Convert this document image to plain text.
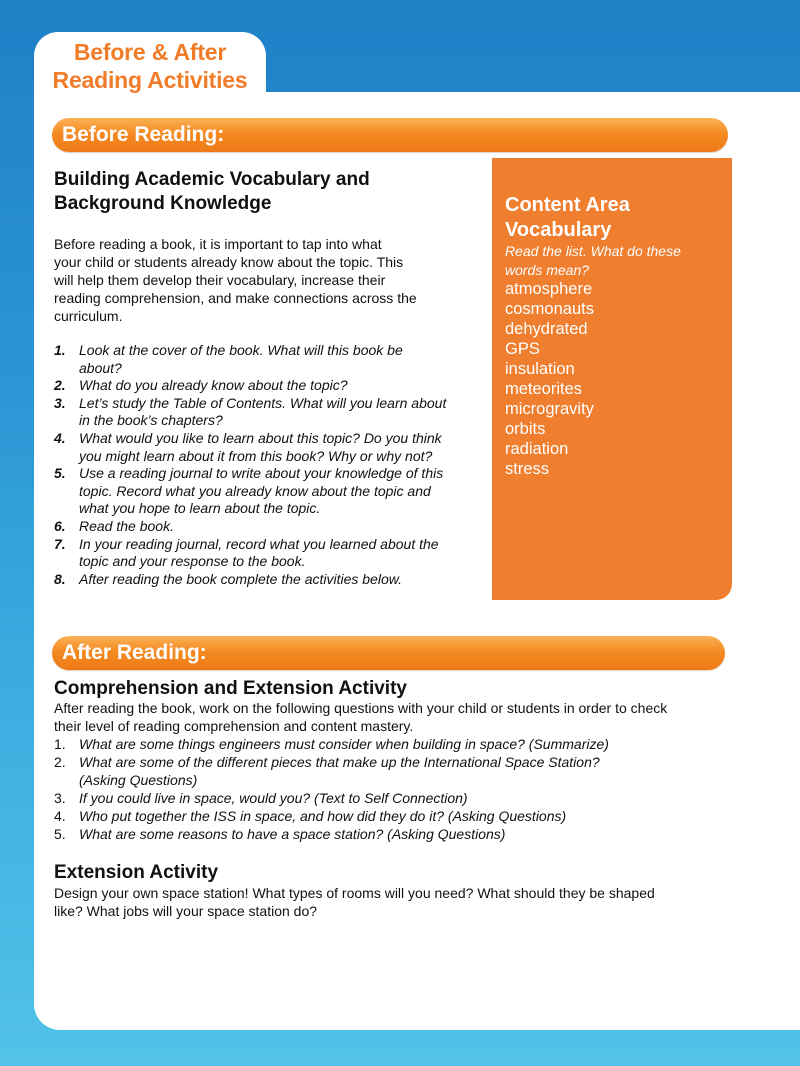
Before & After
Reading Activities
Before Reading:
Building Academic Vocabulary and
Background Knowledge

Before reading a book, it is important to tap into what
your child or students already know about the topic. This
will help them develop their vocabulary, increase their
reading comprehension, and make connections across the
curriculum.

1. Look at the cover of the book. What will this book be
about?
2. What do you already know about the topic?
3. Let’s study the Table of Contents. What will you learn about
in the book’s chapters?
4. What would you like to learn about this topic? Do you think
you might learn about it from this book? Why or why not?
5. Use a reading journal to write about your knowledge of this
topic. Record what you already know about the topic and
what you hope to learn about the topic.
6. Read the book.
7. In your reading journal, record what you learned about the
topic and your response to the book.
8. After reading the book complete the activities below.
Content Area
Vocabulary

Read the list. What do these
words mean?

atmosphere
cosmonauts
dehydrated
GPS
insulation
meteorites
microgravity
orbits
radiation
stress
After Reading:
Comprehension and Extension Activity

After reading the book, work on the following questions with your child or students in order to check
their level of reading comprehension and content mastery.

1. What are some things engineers must consider when building in space? (Summarize)
2. What are some of the different pieces that make up the International Space Station?
(Asking Questions)
3. If you could live in space, would you? (Text to Self Connection)
4. Who put together the ISS in space, and how did they do it? (Asking Questions)
5. What are some reasons to have a space station? (Asking Questions)
Extension Activity

Design your own space station! What types of rooms will you need? What should they be shaped
like? What jobs will your space station do?
